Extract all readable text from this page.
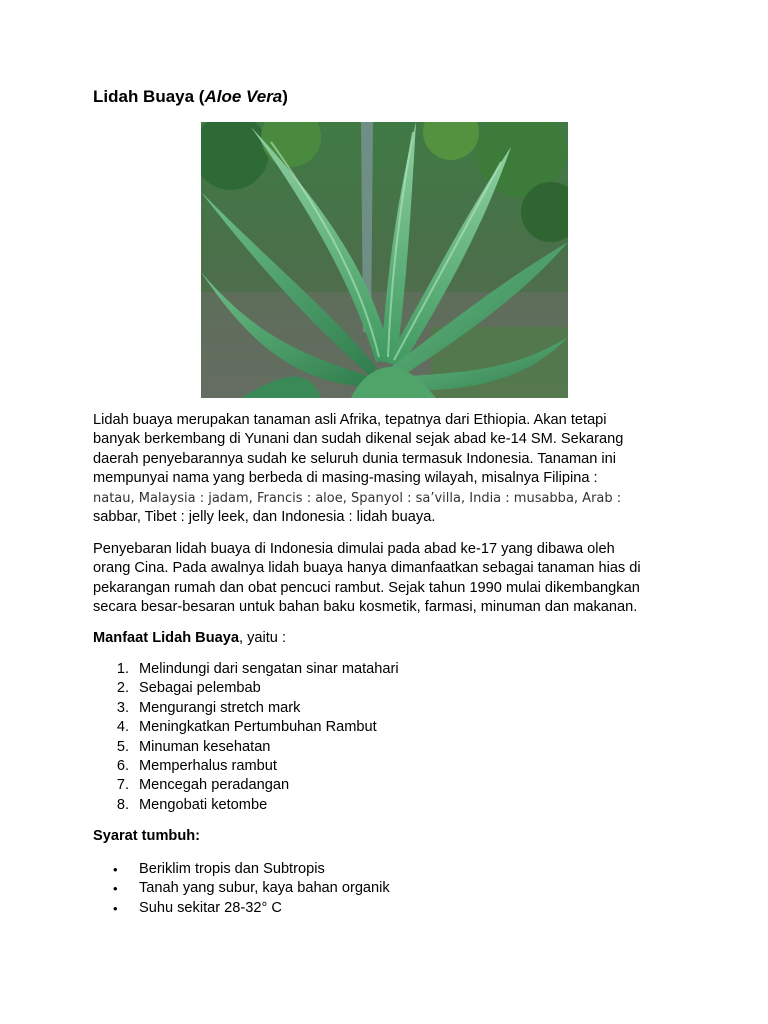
Lidah Buaya (Aloe Vera)
Lidah buaya merupakan tanaman asli Afrika, tepatnya dari Ethiopia. Akan tetapi
banyak berkembang di Yunani dan sudah dikenal sejak abad ke-14 SM. Sekarang
daerah penyebarannya sudah ke seluruh dunia termasuk Indonesia. Tanaman ini
mempunyai nama yang berbeda di masing-masing wilayah, misalnya Filipina :
natau, Malaysia : jadam, Francis : aloe, Spanyol : sa’villa, India : musabba, Arab :
sabbar, Tibet : jelly leek, dan Indonesia : lidah buaya.
Penyebaran lidah buaya di Indonesia dimulai pada abad ke-17 yang dibawa oleh
orang Cina. Pada awalnya lidah buaya hanya dimanfaatkan sebagai tanaman hias di
pekarangan rumah dan obat pencuci rambut. Sejak tahun 1990 mulai dikembangkan
secara besar-besaran untuk bahan baku kosmetik, farmasi, minuman dan makanan.
Manfaat Lidah Buaya, yaitu :
1. Melindungi dari sengatan sinar matahari
2. Sebagai pelembab
3. Mengurangi stretch mark
4. Meningkatkan Pertumbuhan Rambut
5. Minuman kesehatan
6. Memperhalus rambut
7. Mencegah peradangan
8. Mengobati ketombe
Syarat tumbuh:
•	Beriklim tropis dan Subtropis
•	Tanah yang subur, kaya bahan organik
•	Suhu sekitar 28-32° C
